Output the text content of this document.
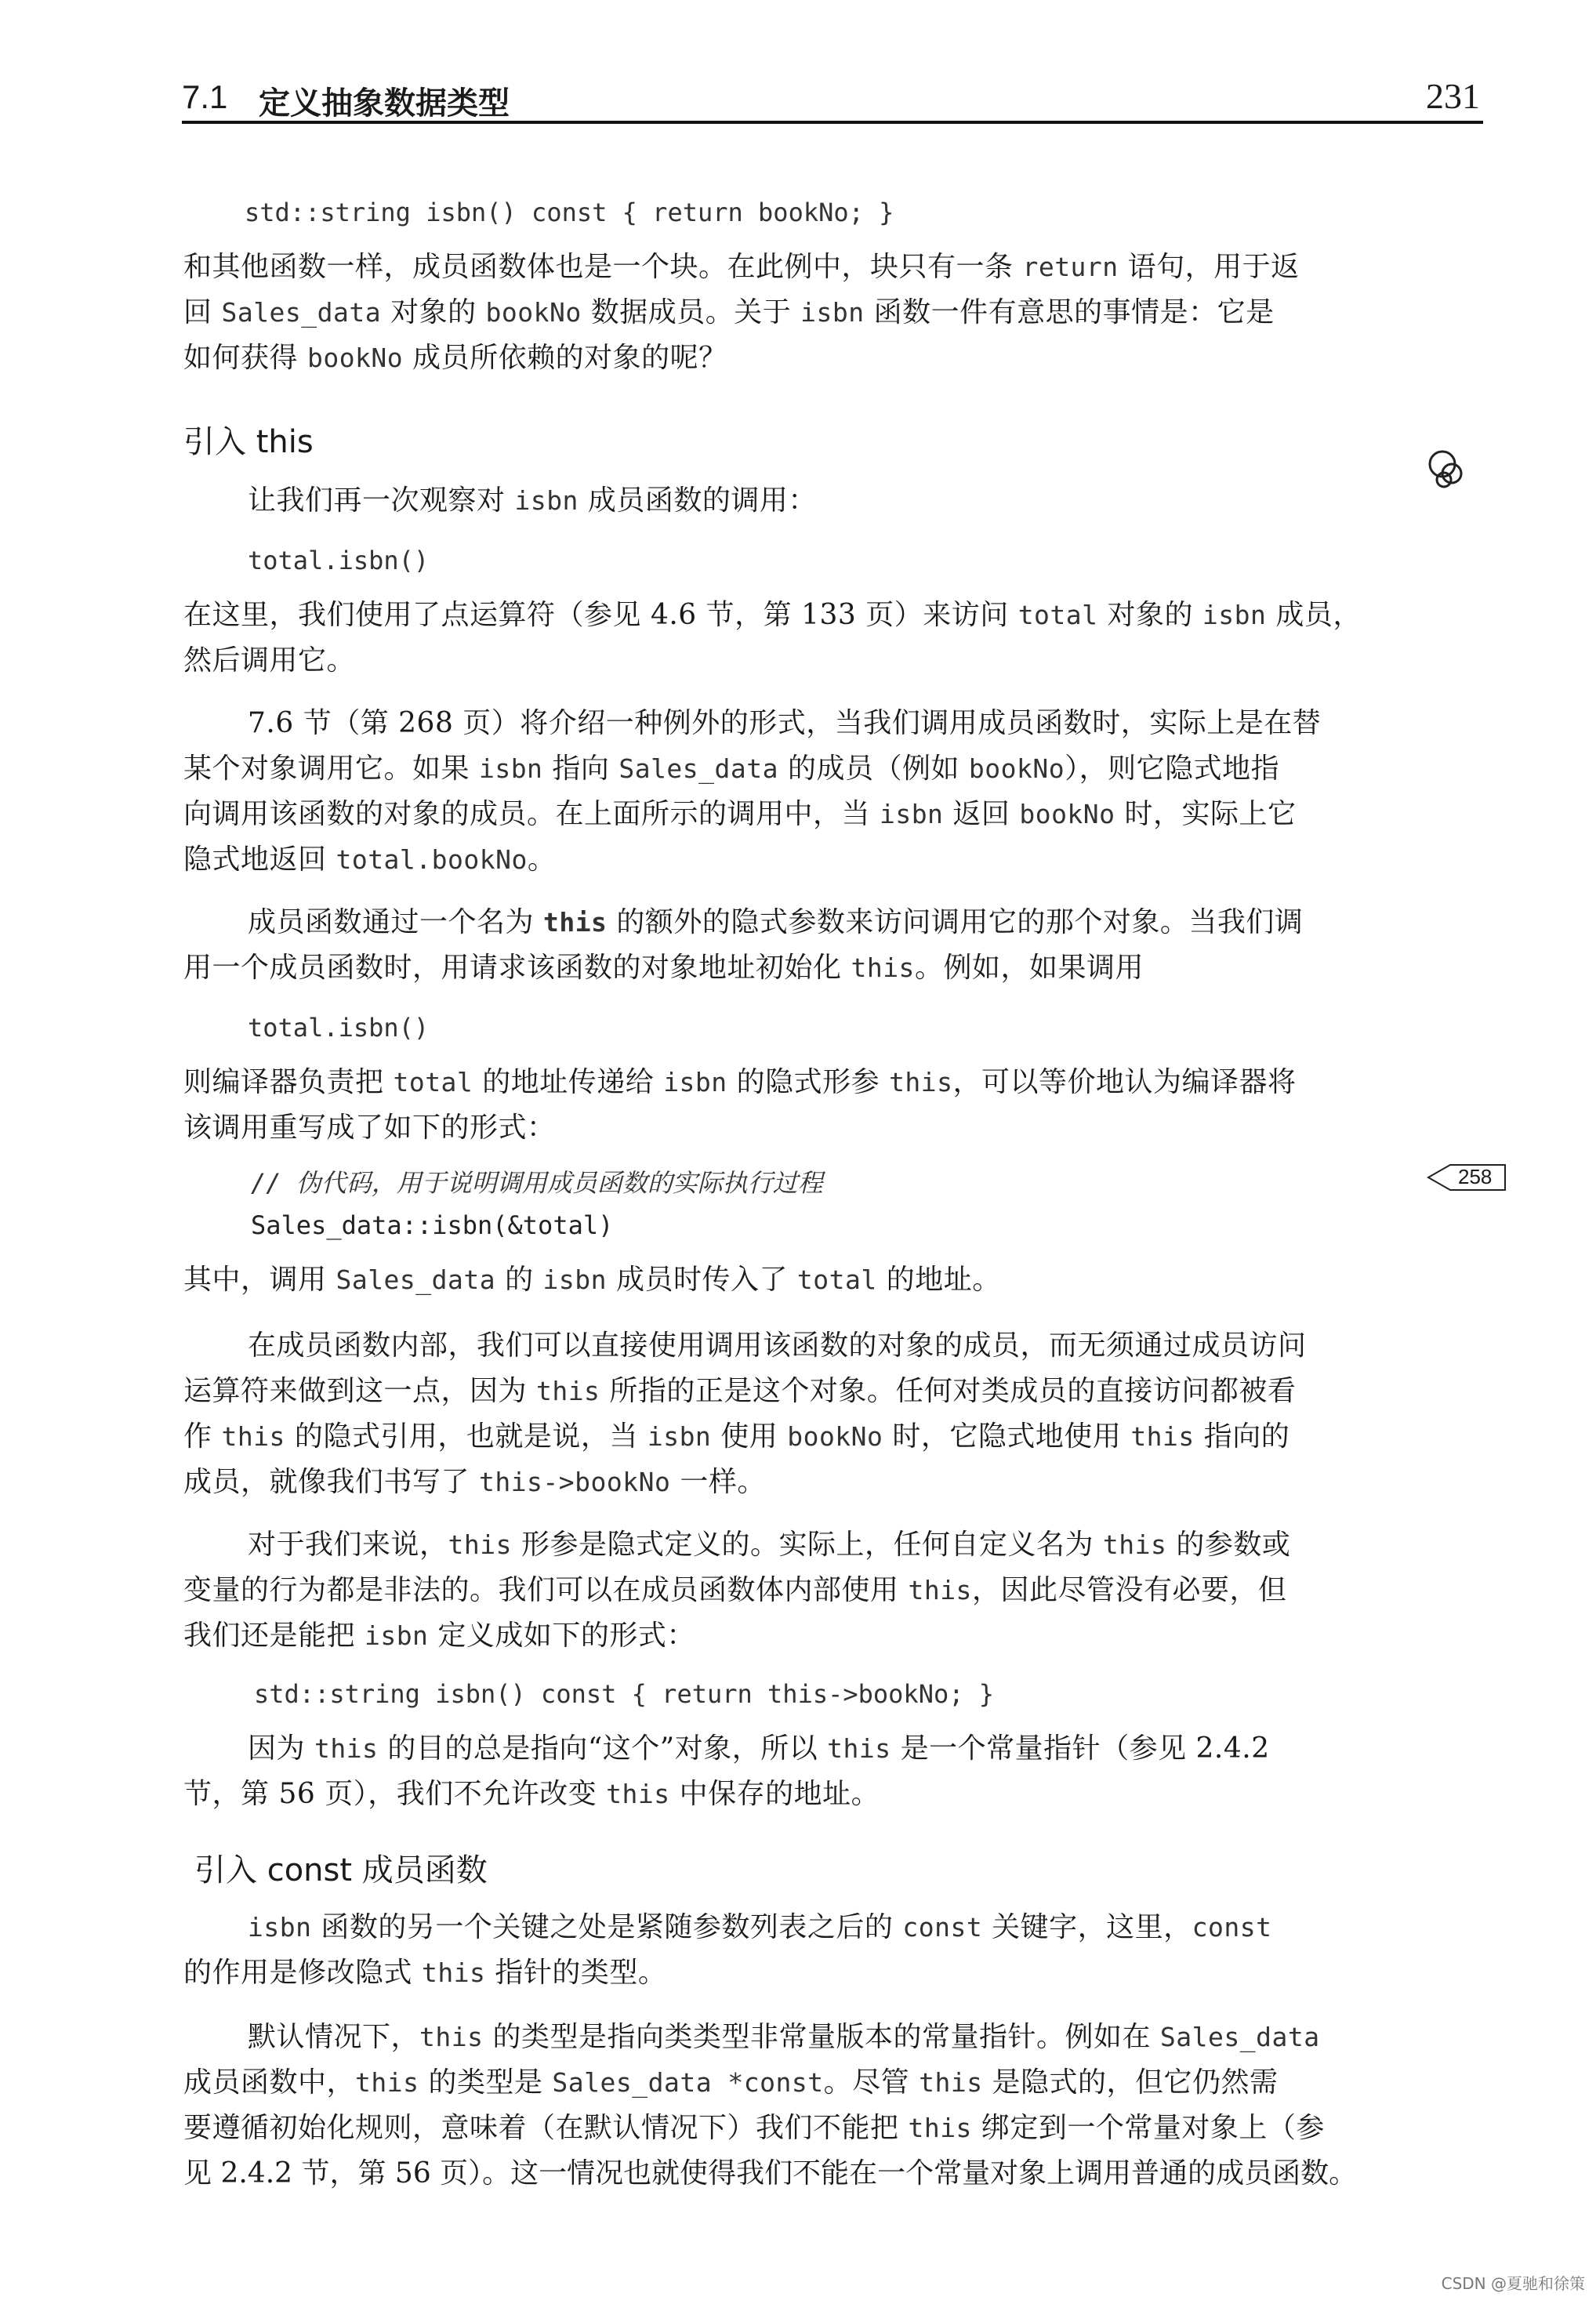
7.1 定义抽象数据类型	231
std::string isbn() const { return bookNo; }
和其他函数一样，成员函数体也是一个块。在此例中，块只有一条 return 语句，用于返
回 Sales_data 对象的 bookNo 数据成员。关于 isbn 函数一件有意思的事情是：它是
如何获得 bookNo 成员所依赖的对象的呢？
引入 this
让我们再一次观察对 isbn 成员函数的调用：
total.isbn()
在这里，我们使用了点运算符（参见 4.6 节，第 133 页）来访问 total 对象的 isbn 成员，
然后调用它。
7.6 节（第 268 页）将介绍一种例外的形式，当我们调用成员函数时，实际上是在替
某个对象调用它。如果 isbn 指向 Sales_data 的成员（例如 bookNo），则它隐式地指
向调用该函数的对象的成员。在上面所示的调用中，当 isbn 返回 bookNo 时，实际上它
隐式地返回 total.bookNo。
成员函数通过一个名为 this 的额外的隐式参数来访问调用它的那个对象。当我们调
用一个成员函数时，用请求该函数的对象地址初始化 this。例如，如果调用
total.isbn()
则编译器负责把 total 的地址传递给 isbn 的隐式形参 this，可以等价地认为编译器将
该调用重写成了如下的形式：
// 伪代码，用于说明调用成员函数的实际执行过程
Sales_data::isbn(&total)
258
其中，调用 Sales_data 的 isbn 成员时传入了 total 的地址。
在成员函数内部，我们可以直接使用调用该函数的对象的成员，而无须通过成员访问
运算符来做到这一点，因为 this 所指的正是这个对象。任何对类成员的直接访问都被看
作 this 的隐式引用，也就是说，当 isbn 使用 bookNo 时，它隐式地使用 this 指向的
成员，就像我们书写了 this->bookNo 一样。
对于我们来说，this 形参是隐式定义的。实际上，任何自定义名为 this 的参数或
变量的行为都是非法的。我们可以在成员函数体内部使用 this，因此尽管没有必要，但
我们还是能把 isbn 定义成如下的形式：
std::string isbn() const { return this->bookNo; }
因为 this 的目的总是指向“这个”对象，所以 this 是一个常量指针（参见 2.4.2
节，第 56 页），我们不允许改变 this 中保存的地址。
引入 const 成员函数
isbn 函数的另一个关键之处是紧随参数列表之后的 const 关键字，这里，const
的作用是修改隐式 this 指针的类型。
默认情况下，this 的类型是指向类类型非常量版本的常量指针。例如在 Sales_data
成员函数中，this 的类型是 Sales_data *const。尽管 this 是隐式的，但它仍然需
要遵循初始化规则，意味着（在默认情况下）我们不能把 this 绑定到一个常量对象上（参
见 2.4.2 节，第 56 页）。这一情况也就使得我们不能在一个常量对象上调用普通的成员函数。
CSDN @夏驰和徐策
